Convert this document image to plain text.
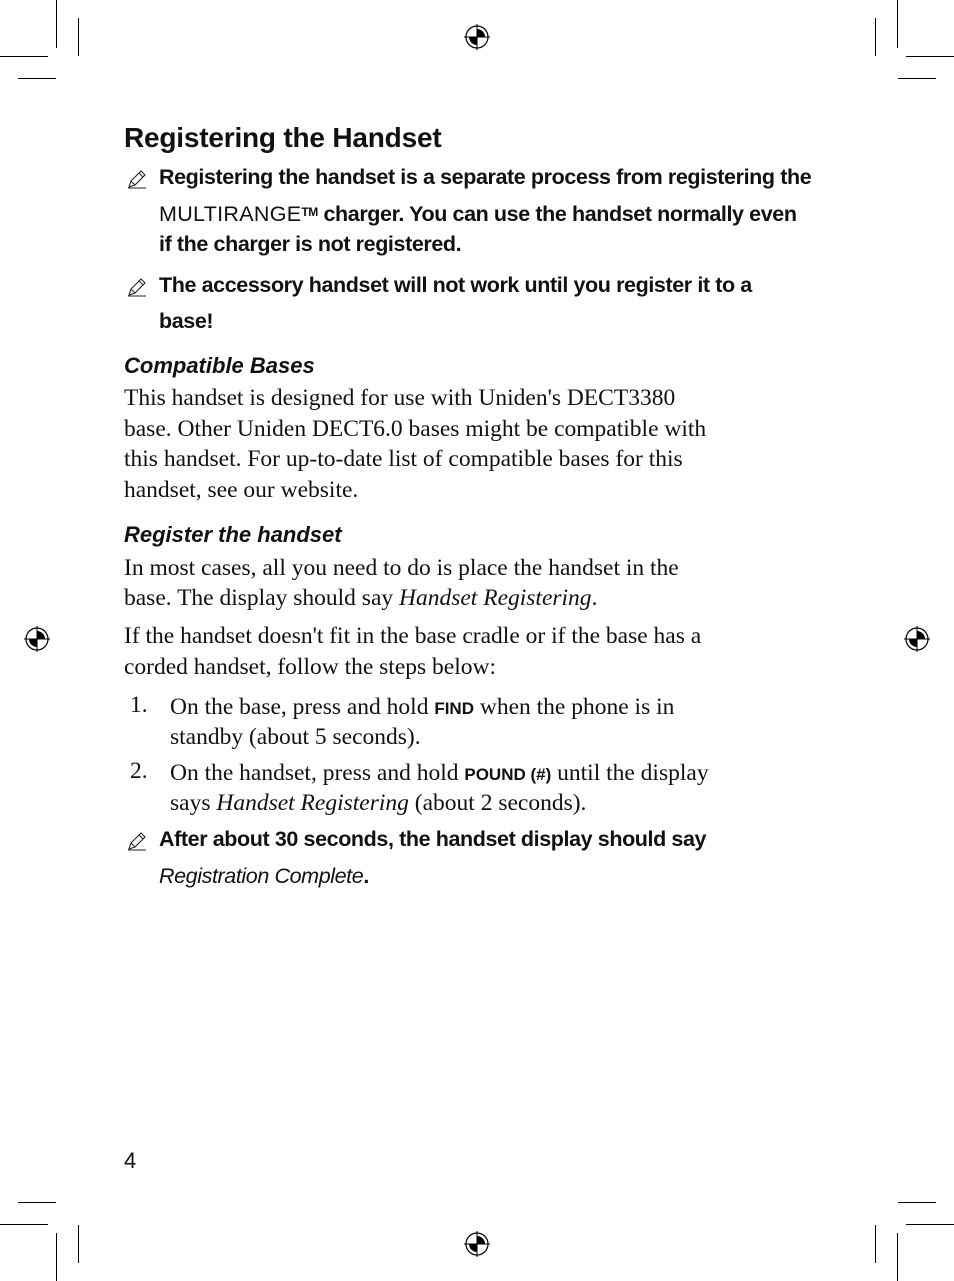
Registering the Handset
Registering the handset is a separate process from registering the
MULTIRANGE™ charger. You can use the handset normally even
if the charger is not registered.
The accessory handset will not work until you register it to a
base!
Compatible Bases
This handset is designed for use with Uniden's DECT3380
base. Other Uniden DECT6.0 bases might be compatible with
this handset. For up-to-date list of compatible bases for this
handset, see our website.
Register the handset
In most cases, all you need to do is place the handset in the
base. The display should say Handset Registering.
If the handset doesn't fit in the base cradle or if the base has a
corded handset, follow the steps below:
1. On the base, press and hold FIND when the phone is in
standby (about 5 seconds).
2. On the handset, press and hold POUND (#) until the display
says Handset Registering (about 2 seconds).
After about 30 seconds, the handset display should say
Registration Complete.
4
